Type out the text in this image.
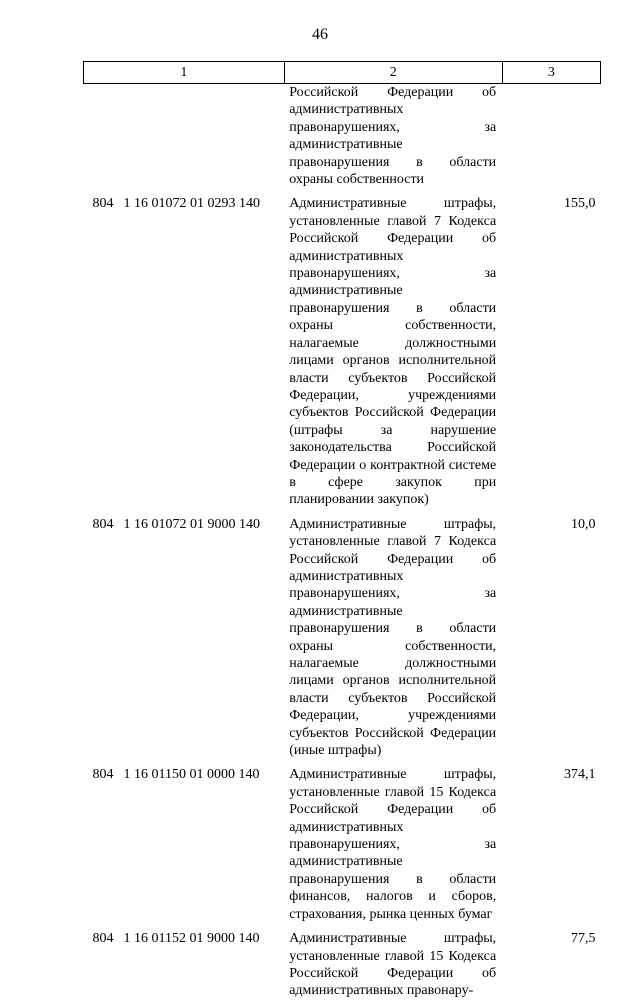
46
1	2	3

	Российской Федерации об административных правонарушениях, за административные правонарушения в области охраны собственности	

804 1 16 01072 01 0293 140	Административные штрафы, установленные главой 7 Кодекса Российской Федерации об административных правонарушениях, за административные правонарушения в области охраны собственности, налагаемые должностными лицами органов исполнительной власти субъектов Российской Федерации, учреждениями субъектов Российской Федерации (штрафы за нарушение законодательства Российской Федерации о контрактной системе в сфере закупок при планировании закупок)	155,0

804 1 16 01072 01 9000 140	Административные штрафы, установленные главой 7 Кодекса Российской Федерации об административных правонарушениях, за административные правонарушения в области охраны собственности, налагаемые должностными лицами органов исполнительной власти субъектов Российской Федерации, учреждениями субъектов Российской Федерации (иные штрафы)	10,0

804 1 16 01150 01 0000 140	Административные штрафы, установленные главой 15 Кодекса Российской Федерации об административных правонарушениях, за административные правонарушения в области финансов, налогов и сборов, страхования, рынка ценных бумаг	374,1

804 1 16 01152 01 9000 140	Административные штрафы, установленные главой 15 Кодекса Российской Федерации об административных правонару-	77,5
